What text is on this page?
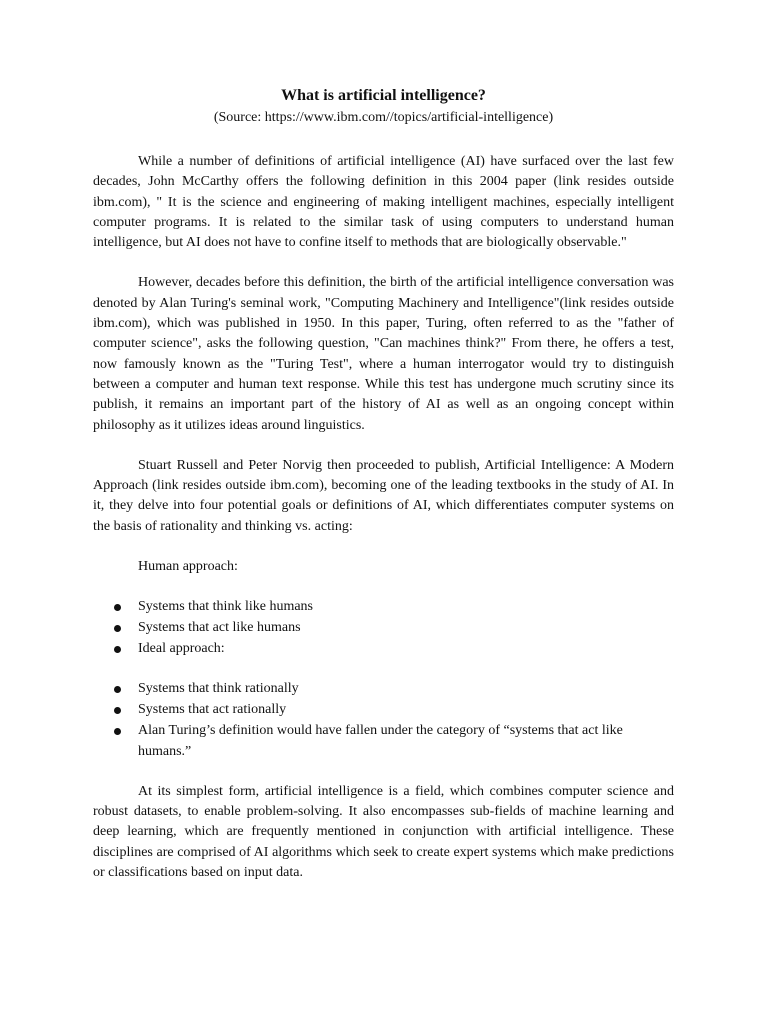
What is artificial intelligence?

(Source: https://www.ibm.com//topics/artificial-intelligence)

While a number of definitions of artificial intelligence (AI) have surfaced over the last few decades, John McCarthy offers the following definition in this 2004 paper (link resides outside ibm.com), " It is the science and engineering of making intelligent machines, especially intelligent computer programs. It is related to the similar task of using computers to understand human intelligence, but AI does not have to confine itself to methods that are biologically observable."

However, decades before this definition, the birth of the artificial intelligence conversation was denoted by Alan Turing's seminal work, "Computing Machinery and Intelligence"(link resides outside ibm.com), which was published in 1950. In this paper, Turing, often referred to as the "father of computer science", asks the following question, "Can machines think?" From there, he offers a test, now famously known as the "Turing Test", where a human interrogator would try to distinguish between a computer and human text response. While this test has undergone much scrutiny since its publish, it remains an important part of the history of AI as well as an ongoing concept within philosophy as it utilizes ideas around linguistics.

Stuart Russell and Peter Norvig then proceeded to publish, Artificial Intelligence: A Modern Approach (link resides outside ibm.com), becoming one of the leading textbooks in the study of AI. In it, they delve into four potential goals or definitions of AI, which differentiates computer systems on the basis of rationality and thinking vs. acting:

Human approach:

Systems that think like humans
Systems that act like humans
Ideal approach:
Systems that think rationally
Systems that act rationally
Alan Turing’s definition would have fallen under the category of “systems that act like humans.”

At its simplest form, artificial intelligence is a field, which combines computer science and robust datasets, to enable problem-solving. It also encompasses sub-fields of machine learning and deep learning, which are frequently mentioned in conjunction with artificial intelligence. These disciplines are comprised of AI algorithms which seek to create expert systems which make predictions or classifications based on input data.
